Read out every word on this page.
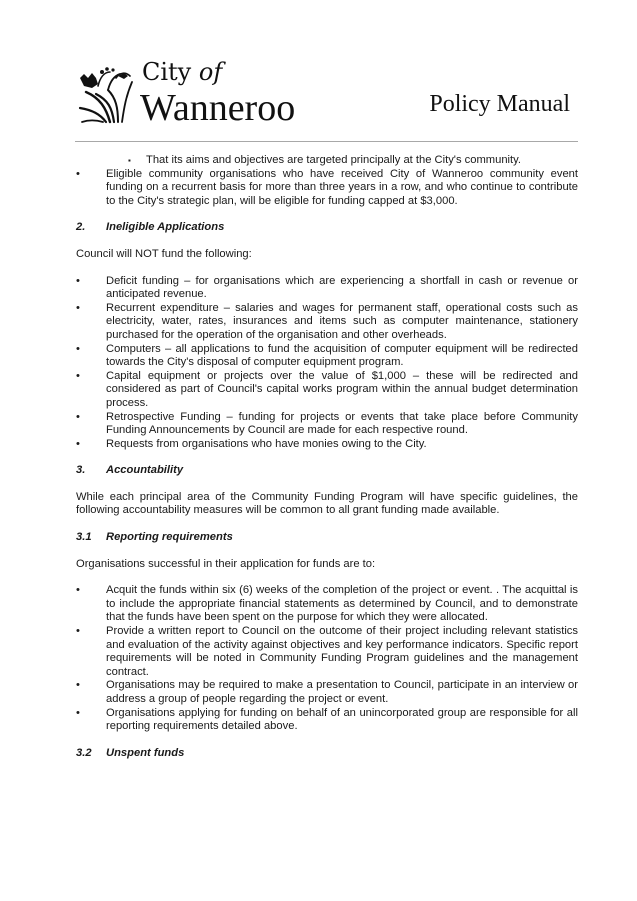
City of
Wanneroo	Policy Manual

▪ That its aims and objectives are targeted principally at the City's community.

• Eligible community organisations who have received City of Wanneroo community event funding on a recurrent basis for more than three years in a row, and who continue to contribute to the City's strategic plan, will be eligible for funding capped at $3,000.

2. Ineligible Applications

Council will NOT fund the following:

• Deficit funding – for organisations which are experiencing a shortfall in cash or revenue or anticipated revenue.

• Recurrent expenditure – salaries and wages for permanent staff, operational costs such as electricity, water, rates, insurances and items such as computer maintenance, stationery purchased for the operation of the organisation and other overheads.

• Computers – all applications to fund the acquisition of computer equipment will be redirected towards the City's disposal of computer equipment program.

• Capital equipment or projects over the value of $1,000 – these will be redirected and considered as part of Council's capital works program within the annual budget determination process.

• Retrospective Funding – funding for projects or events that take place before Community Funding Announcements by Council are made for each respective round.

• Requests from organisations who have monies owing to the City.

3. Accountability

While each principal area of the Community Funding Program will have specific guidelines, the following accountability measures will be common to all grant funding made available.

3.1 Reporting requirements

Organisations successful in their application for funds are to:

• Acquit the funds within six (6) weeks of the completion of the project or event. . The acquittal is to include the appropriate financial statements as determined by Council, and to demonstrate that the funds have been spent on the purpose for which they were allocated.

• Provide a written report to Council on the outcome of their project including relevant statistics and evaluation of the activity against objectives and key performance indicators. Specific report requirements will be noted in Community Funding Program guidelines and the management contract.

• Organisations may be required to make a presentation to Council, participate in an interview or address a group of people regarding the project or event.

• Organisations applying for funding on behalf of an unincorporated group are responsible for all reporting requirements detailed above.

3.2 Unspent funds
